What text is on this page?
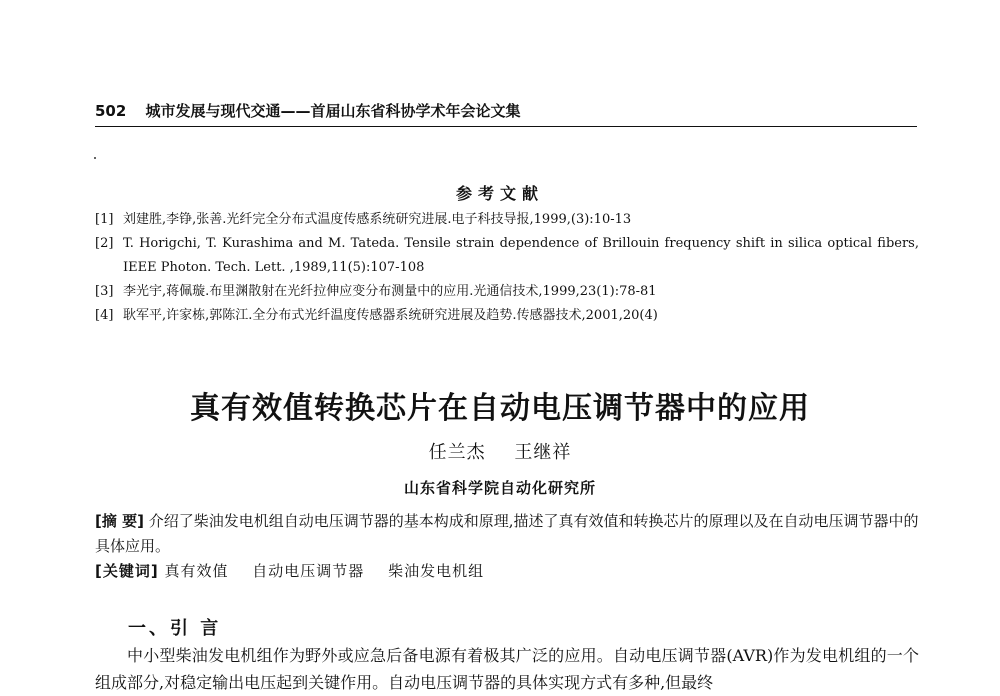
502 城市发展与现代交通——首届山东省科协学术年会论文集
参考文献

[1] 刘建胜,李铮,张善.光纤完全分布式温度传感系统研究进展.电子科技导报,1999,(3):10-13

[2] T. Horigchi, T. Kurashima and M. Tateda. Tensile strain dependence of Brillouin frequency shift in silica optical fibers, IEEE Photon. Tech. Lett. ,1989,11(5):107-108

[3] 李光宇,蒋佩璇.布里渊散射在光纤拉伸应变分布测量中的应用.光通信技术,1999,23(1):78-81

[4] 耿军平,许家栋,郭陈江.全分布式光纤温度传感器系统研究进展及趋势.传感器技术,2001,20(4)

真有效值转换芯片在自动电压调节器中的应用
任兰杰 王继祥
山东省科学院自动化研究所

[摘 要] 介绍了柴油发电机组自动电压调节器的基本构成和原理,描述了真有效值和转换芯片的原理以及在自动电压调节器中的具体应用。

[关键词] 真有效值 自动电压调节器 柴油发电机组

一、引 言

中小型柴油发电机组作为野外或应急后备电源有着极其广泛的应用。自动电压调节器(AVR)作为发电机组的一个组成部分,对稳定输出电压起到关键作用。自动电压调节器的具体实现方式有多种,但最终
